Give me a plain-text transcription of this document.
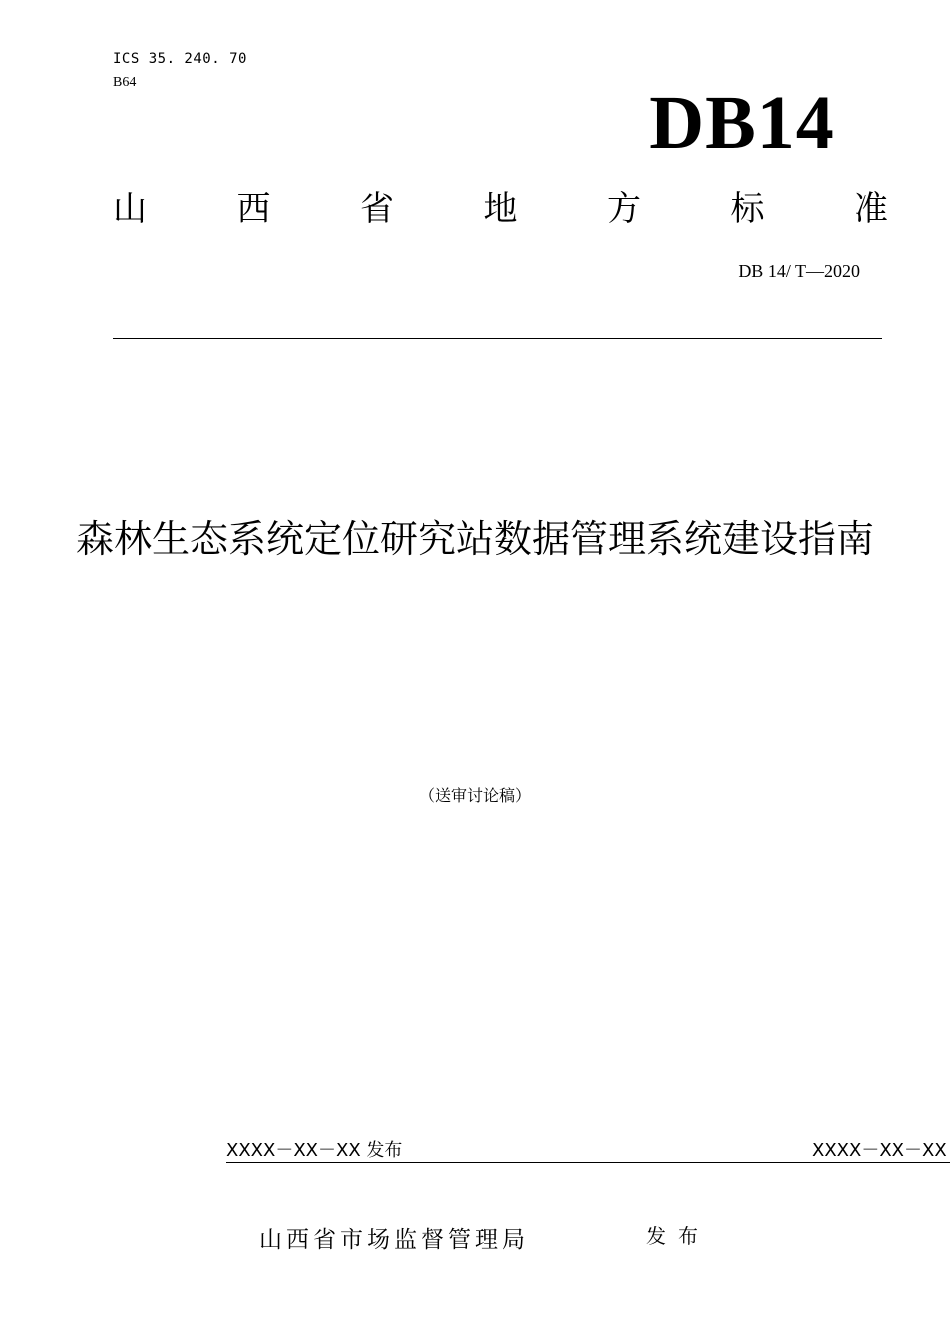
ICS 35. 240. 70
B64	DB14
山	西	省	地	方	标	准
DB 14/ T—2020
森林生态系统定位研究站数据管理系统建设指南
（送审讨论稿）
XXXX－XX－XX 发布	XXXX－XX－XX
山西省市场监督管理局	发布
